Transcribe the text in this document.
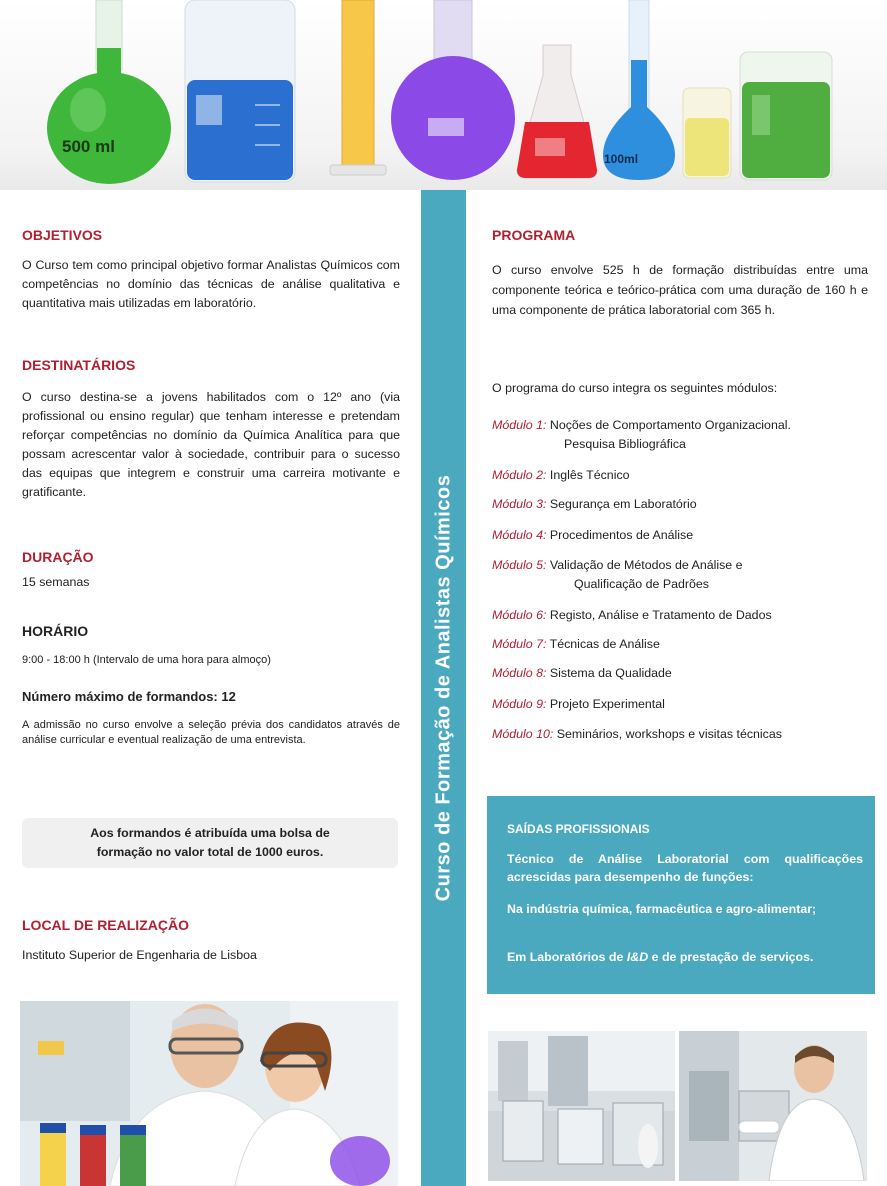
500 ml
100ml
Curso de Formação de Analistas Químicos
OBJETIVOS
O Curso tem como principal objetivo formar Analistas Químicos com competências no domínio das técnicas de análise qualitativa e quantitativa mais utilizadas em laboratório.
DESTINATÁRIOS
O curso destina-se a jovens habilitados com o 12º ano (via profissional ou ensino regular) que tenham interesse e pretendam reforçar competências no domínio da Química Analítica para que possam acrescentar valor à sociedade, contribuir para o sucesso das equipas que integrem e construir uma carreira motivante e gratificante.
DURAÇÃO
15 semanas
HORÁRIO
9:00 - 18:00 h (Intervalo de uma hora para almoço)
Número máximo de formandos: 12
A admissão no curso envolve a seleção prévia dos candidatos através de análise curricular e eventual realização de uma entrevista.
Aos formandos é atribuída uma bolsa de
formação no valor total de 1000 euros.
LOCAL DE REALIZAÇÃO
Instituto Superior de Engenharia de Lisboa
PROGRAMA
O curso envolve 525 h de formação distribuídas entre uma componente teórica e teórico-prática com uma duração de 160 h e uma componente de prática laboratorial com 365 h.
O programa do curso integra os seguintes módulos:
Módulo 1: Noções de Comportamento Organizacional.
Pesquisa Bibliográfica
Módulo 2: Inglês Técnico
Módulo 3: Segurança em Laboratório
Módulo 4: Procedimentos de Análise
Módulo 5: Validação de Métodos de Análise e
Qualificação de Padrões
Módulo 6: Registo, Análise e Tratamento de Dados
Módulo 7: Técnicas de Análise
Módulo 8: Sistema da Qualidade
Módulo 9: Projeto Experimental
Módulo 10: Seminários, workshops e visitas técnicas
SAÍDAS PROFISSIONAIS
Técnico de Análise Laboratorial com qualificações acrescidas para desempenho de funções:
Na indústria química, farmacêutica e agro-alimentar;
Em Laboratórios de I&D e de prestação de serviços.
